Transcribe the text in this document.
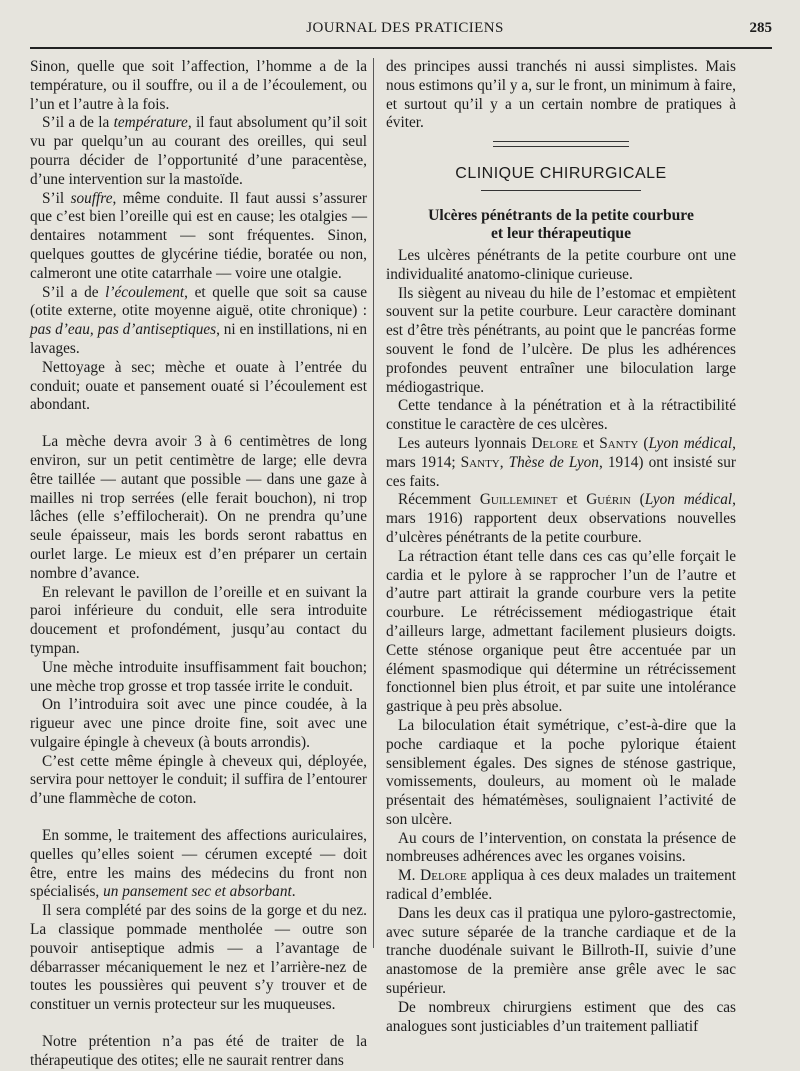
JOURNAL DES PRATICIENS	285

Sinon, quelle que soit l’affection, l’homme a de la température, ou il souffre, ou il a de l’écoulement, ou l’un et l’autre à la fois.

S’il a de la température, il faut absolument qu’il soit vu par quelqu’un au courant des oreilles, qui seul pourra décider de l’opportunité d’une paracentèse, d’une intervention sur la mastoïde.

S’il souffre, même conduite. Il faut aussi s’assurer que c’est bien l’oreille qui est en cause; les otalgies — dentaires notamment — sont fréquentes. Sinon, quelques gouttes de glycérine tiédie, boratée ou non, calmeront une otite catarrhale — voire une otalgie.

S’il a de l’écoulement, et quelle que soit sa cause (otite externe, otite moyenne aiguë, otite chronique) : pas d’eau, pas d’antiseptiques, ni en instillations, ni en lavages.

Nettoyage à sec; mèche et ouate à l’entrée du conduit; ouate et pansement ouaté si l’écoulement est abondant.

La mèche devra avoir 3 à 6 centimètres de long environ, sur un petit centimètre de large; elle devra être taillée — autant que possible — dans une gaze à mailles ni trop serrées (elle ferait bouchon), ni trop lâches (elle s’effilocherait). On ne prendra qu’une seule épaisseur, mais les bords seront rabattus en ourlet large. Le mieux est d’en préparer un certain nombre d’avance.

En relevant le pavillon de l’oreille et en suivant la paroi inférieure du conduit, elle sera introduite doucement et profondément, jusqu’au contact du tympan.

Une mèche introduite insuffisamment fait bouchon; une mèche trop grosse et trop tassée irrite le conduit.

On l’introduira soit avec une pince coudée, à la rigueur avec une pince droite fine, soit avec une vulgaire épingle à cheveux (à bouts arrondis).

C’est cette même épingle à cheveux qui, déployée, servira pour nettoyer le conduit; il suffira de l’entourer d’une flammèche de coton.

En somme, le traitement des affections auriculaires, quelles qu’elles soient — cérumen excepté — doit être, entre les mains des médecins du front non spécialisés, un pansement sec et absorbant.

Il sera complété par des soins de la gorge et du nez. La classique pommade mentholée — outre son pouvoir antiseptique admis — a l’avantage de débarrasser mécaniquement le nez et l’arrière-nez de toutes les poussières qui peuvent s’y trouver et de constituer un vernis protecteur sur les muqueuses.

Notre prétention n’a pas été de traiter de la thérapeutique des otites; elle ne saurait rentrer dans

des principes aussi tranchés ni aussi simplistes. Mais nous estimons qu’il y a, sur le front, un minimum à faire, et surtout qu’il y a un certain nombre de pratiques à éviter.

CLINIQUE CHIRURGICALE
Ulcères pénétrants de la petite courbure
et leur thérapeutique

Les ulcères pénétrants de la petite courbure ont une individualité anatomo-clinique curieuse.

Ils siègent au niveau du hile de l’estomac et empiètent souvent sur la petite courbure. Leur caractère dominant est d’être très pénétrants, au point que le pancréas forme souvent le fond de l’ulcère. De plus les adhérences profondes peuvent entraîner une biloculation large médiogastrique.

Cette tendance à la pénétration et à la rétractibilité constitue le caractère de ces ulcères.

Les auteurs lyonnais Delore et Santy (Lyon médical, mars 1914; Santy, Thèse de Lyon, 1914) ont insisté sur ces faits.

Récemment Guilleminet et Guérin (Lyon médical, mars 1916) rapportent deux observations nouvelles d’ulcères pénétrants de la petite courbure.

La rétraction étant telle dans ces cas qu’elle forçait le cardia et le pylore à se rapprocher l’un de l’autre et d’autre part attirait la grande courbure vers la petite courbure. Le rétrécissement médiogastrique était d’ailleurs large, admettant facilement plusieurs doigts. Cette sténose organique peut être accentuée par un élément spasmodique qui détermine un rétrécissement fonctionnel bien plus étroit, et par suite une intolérance gastrique à peu près absolue.

La biloculation était symétrique, c’est-à-dire que la poche cardiaque et la poche pylorique étaient sensiblement égales. Des signes de sténose gastrique, vomissements, douleurs, au moment où le malade présentait des hématémèses, soulignaient l’activité de son ulcère.

Au cours de l’intervention, on constata la présence de nombreuses adhérences avec les organes voisins.

M. Delore appliqua à ces deux malades un traitement radical d’emblée.

Dans les deux cas il pratiqua une pyloro-gastrectomie, avec suture séparée de la tranche cardiaque et de la tranche duodénale suivant le Billroth-II, suivie d’une anastomose de la première anse grêle avec le sac supérieur.

De nombreux chirurgiens estiment que des cas analogues sont justiciables d’un traitement palliatif
